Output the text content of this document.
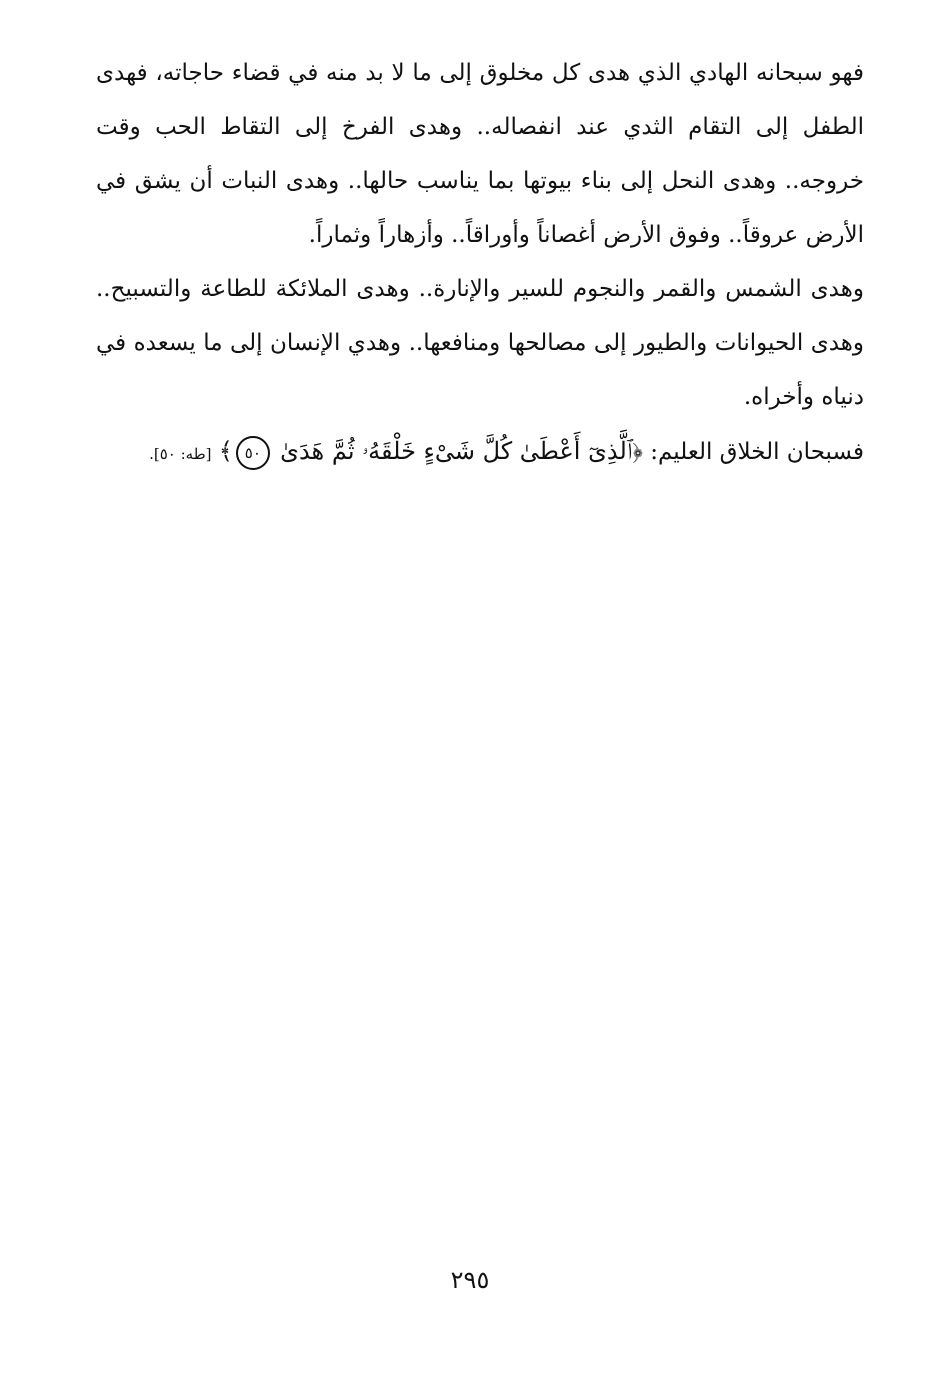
فهو سبحانه الهادي الذي هدى كل مخلوق إلى ما لا بد منه في قضاء حاجاته، فهدى الطفل إلى التقام الثدي عند انفصاله.. وهدى الفرخ إلى التقاط الحب وقت خروجه.. وهدى النحل إلى بناء بيوتها بما يناسب حالها.. وهدى النبات أن يشق في الأرض عروقاً.. وفوق الأرض أغصاناً وأوراقاً.. وأزهاراً وثماراً.

وهدى الشمس والقمر والنجوم للسير والإنارة.. وهدى الملائكة للطاعة والتسبيح.. وهدى الحيوانات والطيور إلى مصالحها ومنافعها.. وهدي الإنسان إلى ما يسعده في دنياه وأخراه.

فسبحان الخلاق العليم: ﴿ٱلَّذِىٓ أَعْطَىٰ كُلَّ شَىْءٍ خَلْقَهُۥ ثُمَّ هَدَىٰ ٥٠﴾ [طه: ٥٠].

٢٩٥
